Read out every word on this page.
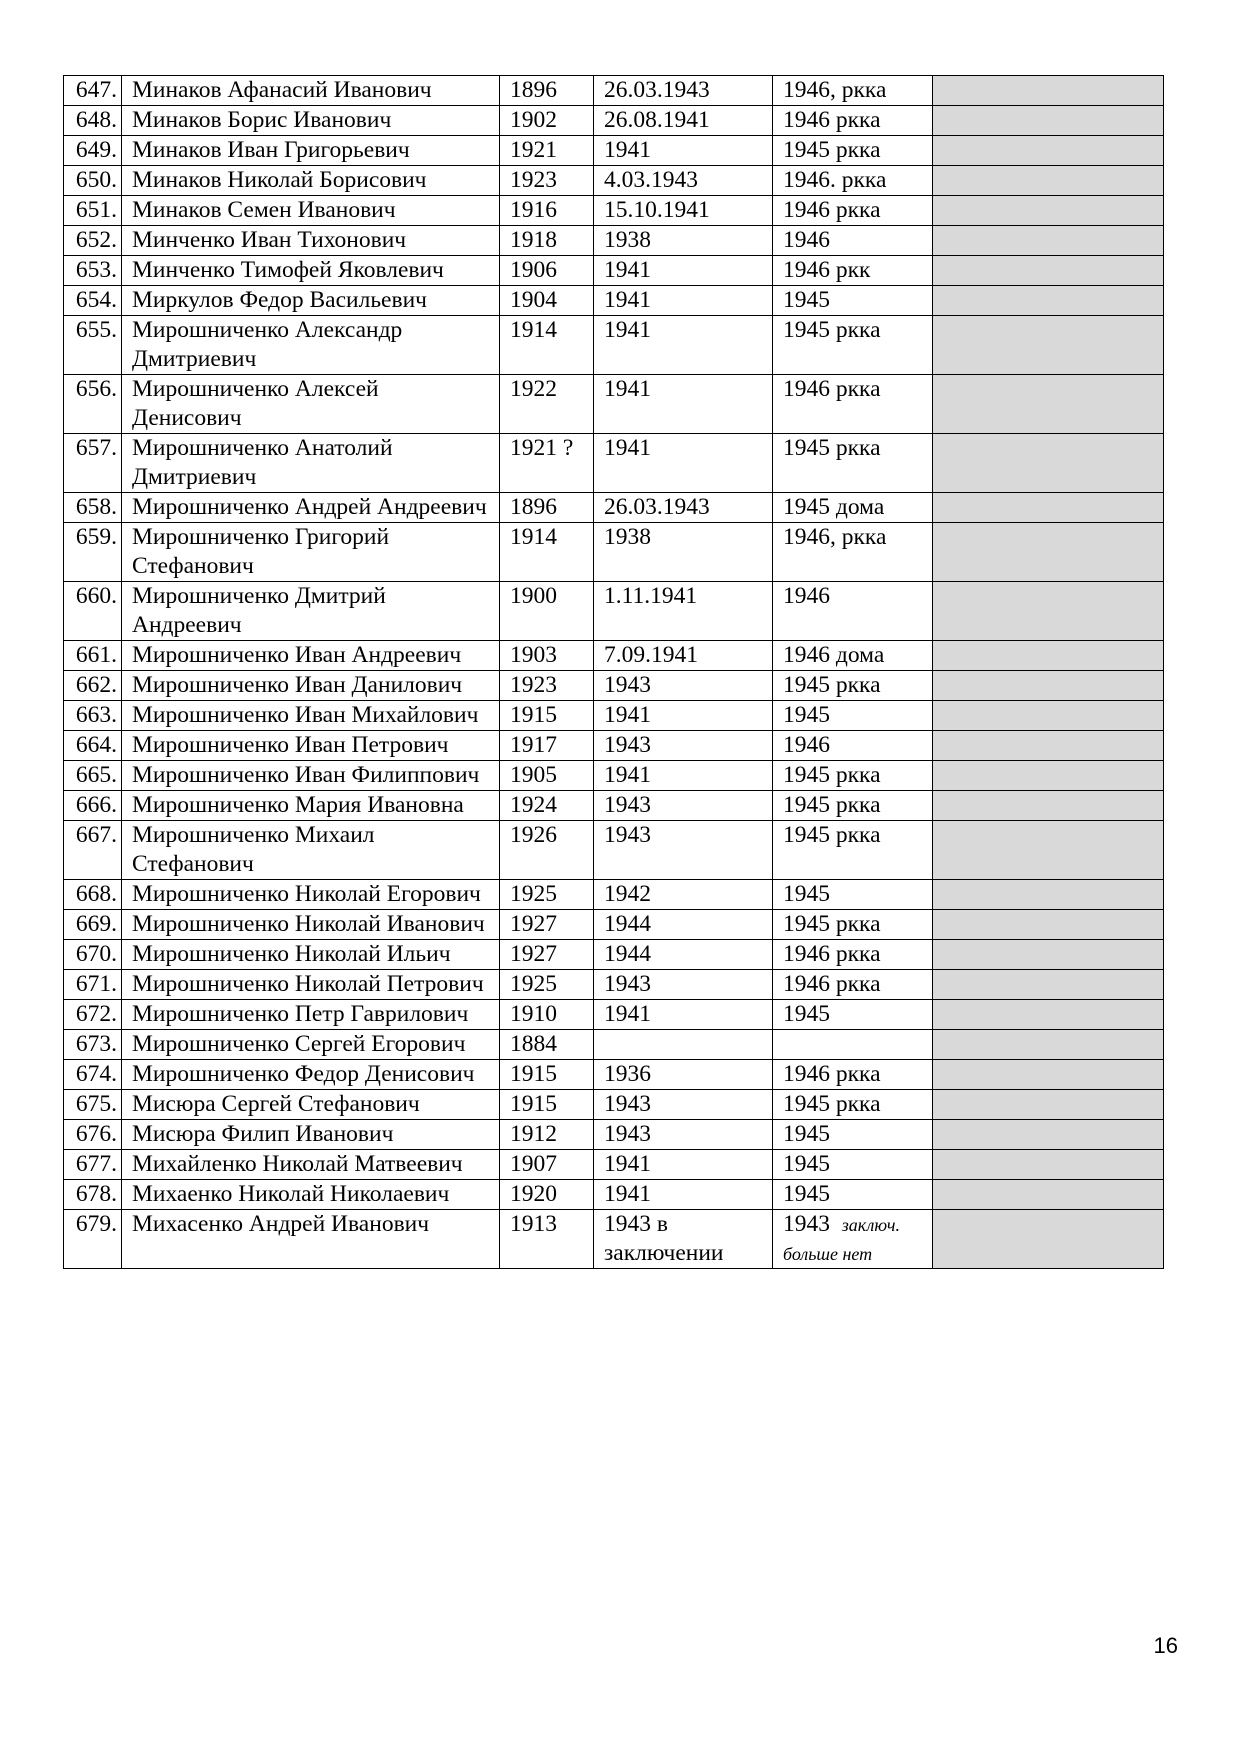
647.	Минаков Афанасий Иванович	1896	26.03.1943	1946, ркка	
648.	Минаков Борис Иванович	1902	26.08.1941	1946 ркка	
649.	Минаков Иван Григорьевич	1921	1941	1945 ркка	
650.	Минаков Николай Борисович	1923	4.03.1943	1946. ркка	
651.	Минаков Семен Иванович	1916	15.10.1941	1946 ркка	
652.	Минченко Иван Тихонович	1918	1938	1946	
653.	Минченко Тимофей Яковлевич	1906	1941	1946 ркк	
654.	Миркулов Федор Васильевич	1904	1941	1945	
655.	Мирошниченко Александр Дмитриевич	1914	1941	1945 ркка	
656.	Мирошниченко Алексей Денисович	1922	1941	1946 ркка	
657.	Мирошниченко Анатолий Дмитриевич	1921 ?	1941	1945 ркка	
658.	Мирошниченко Андрей Андреевич	1896	26.03.1943	1945 дома	
659.	Мирошниченко Григорий Стефанович	1914	1938	1946, ркка	
660.	Мирошниченко Дмитрий Андреевич	1900	1.11.1941	1946	
661.	Мирошниченко Иван Андреевич	1903	7.09.1941	1946 дома	
662.	Мирошниченко Иван Данилович	1923	1943	1945 ркка	
663.	Мирошниченко Иван Михайлович	1915	1941	1945	
664.	Мирошниченко Иван Петрович	1917	1943	1946	
665.	Мирошниченко Иван Филиппович	1905	1941	1945 ркка	
666.	Мирошниченко Мария Ивановна	1924	1943	1945 ркка	
667.	Мирошниченко Михаил Стефанович	1926	1943	1945 ркка	
668.	Мирошниченко Николай Егорович	1925	1942	1945	
669.	Мирошниченко Николай Иванович	1927	1944	1945 ркка	
670.	Мирошниченко Николай Ильич	1927	1944	1946 ркка	
671.	Мирошниченко Николай Петрович	1925	1943	1946 ркка	
672.	Мирошниченко Петр Гаврилович	1910	1941	1945	
673.	Мирошниченко Сергей Егорович	1884			
674.	Мирошниченко Федор Денисович	1915	1936	1946 ркка	
675.	Мисюра Сергей Стефанович	1915	1943	1945 ркка	
676.	Мисюра Филип Иванович	1912	1943	1945	
677.	Михайленко Николай Матвеевич	1907	1941	1945	
678.	Михаенко Николай Николаевич	1920	1941	1945	
679.	Михасенко Андрей Иванович	1913	1943 в заключении	1943  заключ. больше нет	
16
